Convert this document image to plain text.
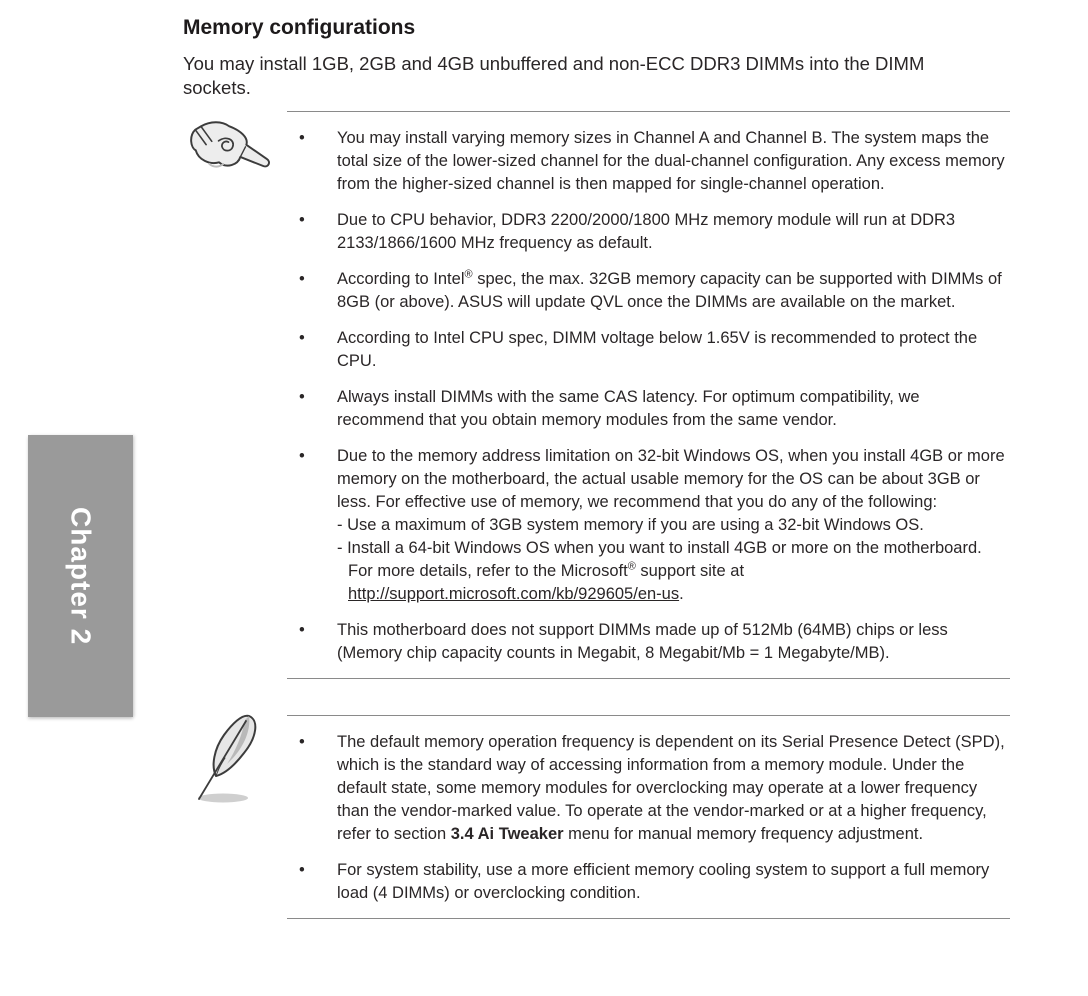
Memory configurations

You may install 1GB, 2GB and 4GB unbuffered and non-ECC DDR3 DIMMs into the DIMM sockets.

•	You may install varying memory sizes in Channel A and Channel B. The system maps the total size of the lower-sized channel for the dual-channel configuration. Any excess memory from the higher-sized channel is then mapped for single-channel operation.
•	Due to CPU behavior, DDR3 2200/2000/1800 MHz memory module will run at DDR3 2133/1866/1600 MHz frequency as default.
•	According to Intel® spec, the max. 32GB memory capacity can be supported with DIMMs of 8GB (or above). ASUS will update QVL once the DIMMs are available on the market.
•	According to Intel CPU spec, DIMM voltage below 1.65V is recommended to protect the CPU.
•	Always install DIMMs with the same CAS latency. For optimum compatibility, we recommend that you obtain memory modules from the same vendor.
•	Due to the memory address limitation on 32-bit Windows OS, when you install 4GB or more memory on the motherboard, the actual usable memory for the OS can be about 3GB or less. For effective use of memory, we recommend that you do any of the following:
- Use a maximum of 3GB system memory if you are using a 32-bit Windows OS.
- Install a 64-bit Windows OS when you want to install 4GB or more on the motherboard.
For more details, refer to the Microsoft® support site at
http://support.microsoft.com/kb/929605/en-us.
•	This motherboard does not support DIMMs made up of 512Mb (64MB) chips or less (Memory chip capacity counts in Megabit, 8 Megabit/Mb = 1 Megabyte/MB).
•	The default memory operation frequency is dependent on its Serial Presence Detect (SPD), which is the standard way of accessing information from a memory module. Under the default state, some memory modules for overclocking may operate at a lower frequency than the vendor-marked value. To operate at the vendor-marked or at a higher frequency, refer to section 3.4 Ai Tweaker menu for manual memory frequency adjustment.
•	For system stability, use a more efficient memory cooling system to support a full memory load (4 DIMMs) or overclocking condition.
Chapter 2
